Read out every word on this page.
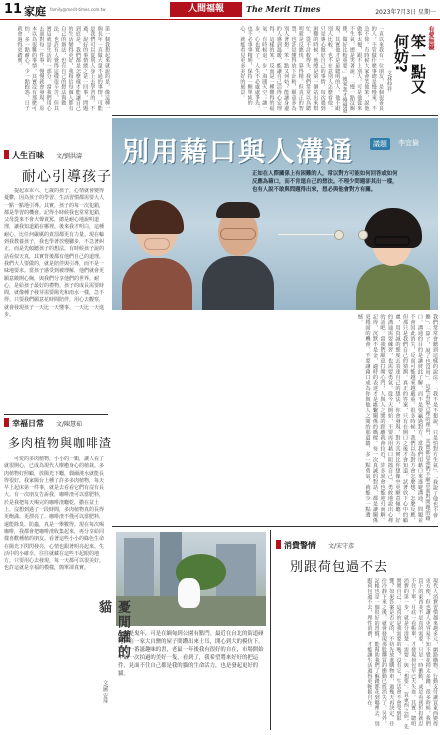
11 家庭 family@merit-times.com.tw	人間福報	The Merit Times	2023年7月3日 星期一
第一個我想起來就說的是，像這種一個長年一直做大量不通的事情，可能是我們可以從別人身上去學習的。不過，說好的事情總之是一回事，問題到底是，我們都是怎麼樣才能讓自己的生活變得更好，我相信每個人都有自己的辦法，也有自己的想法與做法，也許有人覺得這樣很辛苦，但其實這就是生活的一部分。當我們用心去面對每一件事，慢慢就會發現，原本以為很難的事情，其實沒有那麼可怕。多一點耐心，少一點抱怨，日子就會過得更踏實。	一直以來我有一位朋友，是個很善良的人，不管做什麼事總是慢慢來，不急不徐。有時候大家會笑他笨，說他做事太慢，跟不上別人。可是他從來不生氣，總是笑著說：「慢一點沒關係，做好比較重要。」後來我才慢慢發現，其實他才是最聰明的人。他不跟別人比較，也不在意別人怎麼看他，只是專心做好自己的事情。每次遇到困難的時候，他總是第一個站出來幫忙，從不計較得失。我們常常以為聰明就是反應快、算得精，但真正的智慧，也許是懂得放下計較，願意多為別人著想。笨一點又何妨？能讓身邊的人感到溫暖，能讓自己活得心安理得，這樣的笨，反而是一種難得的福氣。有時候退一步，海闊天空；讓一步，心也寬了。人生不必處處爭先，也不必事事精明，保持一顆單純的心，就能看見更多美好的風景。	有愛無礙
笨一點又何妨?
文/林仲祥
別用藉口與人溝通	議題	李宜倫
正如在人際關係上有困難的人，常以對方可能如何回答或如何反應為藉口，而不肯遑自己的想法。不理少問題卻其出一樣，也有人說不敢與問題得出來，想必與他會對方有關。
人生百味 文/劉洪濤
耐心引導孩子
　　提起乖乖六、七歲的孩子，心情就會變得憂鬱，因為孩子的學習、生活習慣都需要大人一點一點地引導。其實，孩子的每一次犯錯，都是學習的機會。記得小時候我也常常犯錯，父母從來不會大聲責罵，總是耐心地說明道理，讓我知道錯在哪裡。後來我才明白，這種耐心，比任何嚴厲的責罰都更有力量。現在輪到我教養孩子，我也學著放慢腳步，不急著糾正，而是先傾聽孩子的想法。有時候孩子說的話看似天真，其實背後都有他們自己的道理。我們大人要做的，就是陪伴與引導，而不是一味地要求。當孩子感受到被理解，他們就會更願意敞開心胸，與我們分享他們的世界。耐心，是給孩子最好的禮物。孩子的成長需要時間，就像種子發芽需要陽光和雨水一樣，急不得。只要我們願意花時間陪伴，用心去觀察，就會發現孩子一天比一天懂事、一天比一天進步。
幸福日常 文/陳慧茹
多肉植物與咖啡渣
　　可愛的多肉植物，小小的一顆，讓人看了就很開心，已成為現代人療癒身心的植栽。多肉植物好照顧，放陽光下曬，偶爾澆水就能長得很好。我家陽台上種了許多多肉植物，每天早上起床第一件事，就是去看看它們有沒有長大。有一次朋友告訴我，咖啡渣可以當肥料，於是我把每天喝完的咖啡渣曬乾，撒在盆土上。沒想到過了一段時間，多肉植物真的長得更飽滿、更漂亮了。咖啡渣不僅可以當肥料，還能除臭、防蟲，真是一舉數得。現在每次喝咖啡，我都會把咖啡渣收集起來，再分享給同樣喜歡種植的朋友。看著這些小小的綠色生命在陽光下閃閃發亮，心情也跟著明亮起來。生活中的小確幸，往往就藏在這些不起眼的地方。只要用心去發現，每一天都可以很美好。也許這就是幸福的模樣，簡單卻真實。
我們常常會聽到這樣的說法：「我不是不想說，只是怕對方生氣」、「我說了他也不會聽」、「算了，說了也沒用」。這些看似合理的理由，其實都是我們不願意面對問題的藉口。溝通的目的是讓彼此了解，而不是要贏過對方。當我們用藉口來逃避溝通，問題並不會因此消失，反而可能越來越嚴重。很多時候，我們以為對方會怎麼想、怎麼反應，但那只是我們自己的猜測。真正的答案，只有在開口之後才會知道。試著放下心中的顧慮，用真誠的態度去表達自己的想法，你會發現，對方其實比你想像中更願意傾聽。好的溝通需要練習，也需要勇氣。從今天開始，不要再用藉口阻擋自己，勇敢地說出心裡的話吧。當我們願意打開心門，人與人之間的距離就會拉近，許多誤會也能迎刃而解。記得，沉默不是金，適時的表達才是維繫關係的橋樑。每一次真誠的對話，都是讓關係更穩固的機會。不要讓藉口成為你與他人之間的那道牆，多一點勇氣，就能少一點遺憾。
憂閒罐的貓
文/圖 安琦
今年是鬼年，可是在緬甸到公園有點門。最近在台北的街道碰見，在一家大自鹽的屋子間鑽出來土耳，開心到大的模仿下，別有一番滋趣味的書，老鼠一年後我有很好的自在，市場開始中最一次拍過的美好一隻，看到了，我希望將來好好的把這件，見面不住自己都是我的貓的生命活力，也是發起更好的貓。
消費警情 文/宋守彥
別跟荷包過不去
現代人消費習慣越來越多元，網路購物、行動支付讓買東西變得更方便，但也讓人更容易不知不覺花掉太多錢。很多時候，我們買下的東西並不是真的需要，只是一時衝動，或是看到折扣就忍不住下單。月底一看帳單，才發現荷包早已大失血。其實，聰明消費的第一步，就是分清楚「需要」與「想要」。買東西之前，先問問自己：這真的是我需要的嗎？沒有它，生活會不會受到影響？如果答案是否定的，不妨先放進購物車，過幾天再決定。往往冷靜下來之後，就會發現那股購買的衝動已經消失了。另外，記帳也是一個很好的習慣，能幫助我們了解錢都花到哪裡去。別跟荷包過不去，理性消費，才能讓生活過得更輕鬆自在。
